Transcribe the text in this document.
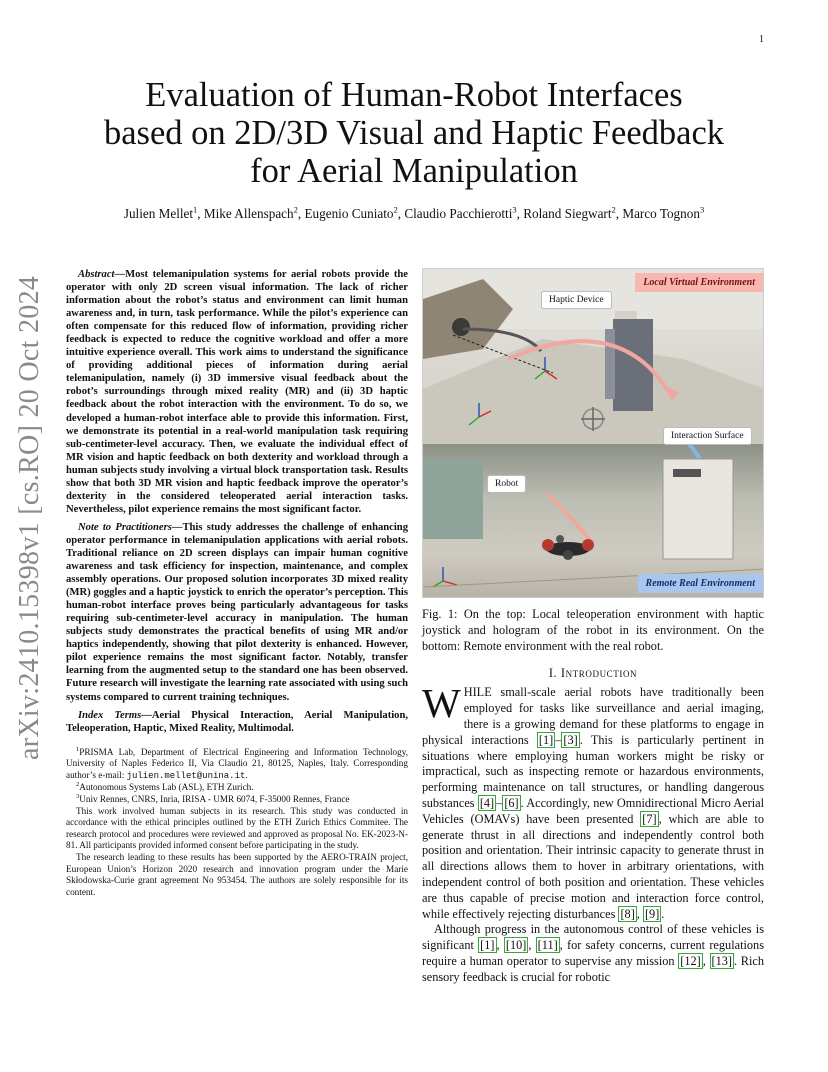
1
arXiv:2410.15398v1 [cs.RO] 20 Oct 2024
Evaluation of Human-Robot Interfaces
based on 2D/3D Visual and Haptic Feedback
for Aerial Manipulation
Julien Mellet$^1$, Mike Allenspach$^2$, Eugenio Cuniato$^2$, Claudio Pacchierotti$^3$, Roland Siegwart$^2$, Marco Tognon$^3$

Abstract—Most telemanipulation systems for aerial robots provide the operator with only 2D screen visual information. The lack of richer information about the robot’s status and environment can limit human awareness and, in turn, task performance. While the pilot’s experience can often compensate for this reduced flow of information, providing richer feedback is expected to reduce the cognitive workload and offer a more intuitive experience overall. This work aims to understand the significance of providing additional pieces of information during aerial telemanipulation, namely (i) 3D immersive visual feedback about the robot’s surroundings through mixed reality (MR) and (ii) 3D haptic feedback about the robot interaction with the environment. To do so, we developed a human-robot interface able to provide this information. First, we demonstrate its potential in a real-world manipulation task requiring sub-centimeter-level accuracy. Then, we evaluate the individual effect of MR vision and haptic feedback on both dexterity and workload through a human subjects study involving a virtual block transportation task. Results show that both 3D MR vision and haptic feedback improve the operator’s dexterity in the considered teleoperated aerial interaction tasks. Nevertheless, pilot experience remains the most significant factor.

Note to Practitioners—This study addresses the challenge of enhancing operator performance in telemanipulation applications with aerial robots. Traditional reliance on 2D screen displays can impair human cognitive awareness and task efficiency for inspection, maintenance, and complex assembly operations. Our proposed solution incorporates 3D mixed reality (MR) goggles and a haptic joystick to enrich the operator’s perception. This human-robot interface proves being particularly advantageous for tasks requiring sub-centimeter-level accuracy in manipulation. The human subjects study demonstrates the practical benefits of using MR and/or haptics independently, showing that pilot dexterity is enhanced. However, pilot experience remains the most significant factor. Notably, transfer learning from the augmented setup to the standard one has been observed. Future research will investigate the learning rate associated with using such systems compared to current training techniques.

Index Terms—Aerial Physical Interaction, Aerial Manipulation, Teleoperation, Haptic, Mixed Reality, Multimodal.

$^1$PRISMA Lab, Department of Electrical Engineering and Information Technology, University of Naples Federico II, Via Claudio 21, 80125, Naples, Italy. Corresponding author’s e-mail: julien.mellet@unina.it.

$^2$Autonomous Systems Lab (ASL), ETH Zurich.

$^3$Univ Rennes, CNRS, Inria, IRISA - UMR 6074, F-35000 Rennes, France

This work involved human subjects in its research. This study was conducted in accordance with the ethical principles outlined by the ETH Zurich Ethics Commitee. The research protocol and procedures were reviewed and approved as proposal No. EK-2023-N-81. All participants provided informed consent before participating in the study.

The research leading to these results has been supported by the AERO-TRAIN project, European Union’s Horizon 2020 research and innovation program under the Marie Skłodowska-Curie grant agreement No 953454. The authors are solely responsible for its content.

Local Virtual Environment
Haptic Device
Interaction Surface
Robot
Remote Real Environment

Fig. 1: On the top: Local teleoperation environment with haptic joystick and hologram of the robot in its environment. On the bottom: Remote environment with the real robot.

I. Introduction

WHILE small-scale aerial robots have traditionally been employed for tasks like surveillance and aerial imaging, there is a growing demand for these platforms to engage in physical interactions [1] – [3] . This is particularly pertinent in situations where employing human workers might be risky or impractical, such as inspecting remote or hazardous environments, performing maintenance on tall structures, or handling dangerous substances [4] – [6] . Accordingly, new Omnidirectional Micro Aerial Vehicles (OMAVs) have been presented [7] , which are able to generate thrust in all directions and independently control both position and orientation. Their intrinsic capacity to generate thrust in all directions allows them to hover in arbitrary orientations, with independent control of both position and orientation. These vehicles are thus capable of precise motion and interaction force control, while effectively rejecting disturbances [8] , [9] .

Although progress in the autonomous control of these vehicles is significant [1] , [10] , [11] , for safety concerns, current regulations require a human operator to supervise any mission [12] , [13] . Rich sensory feedback is crucial for robotic
